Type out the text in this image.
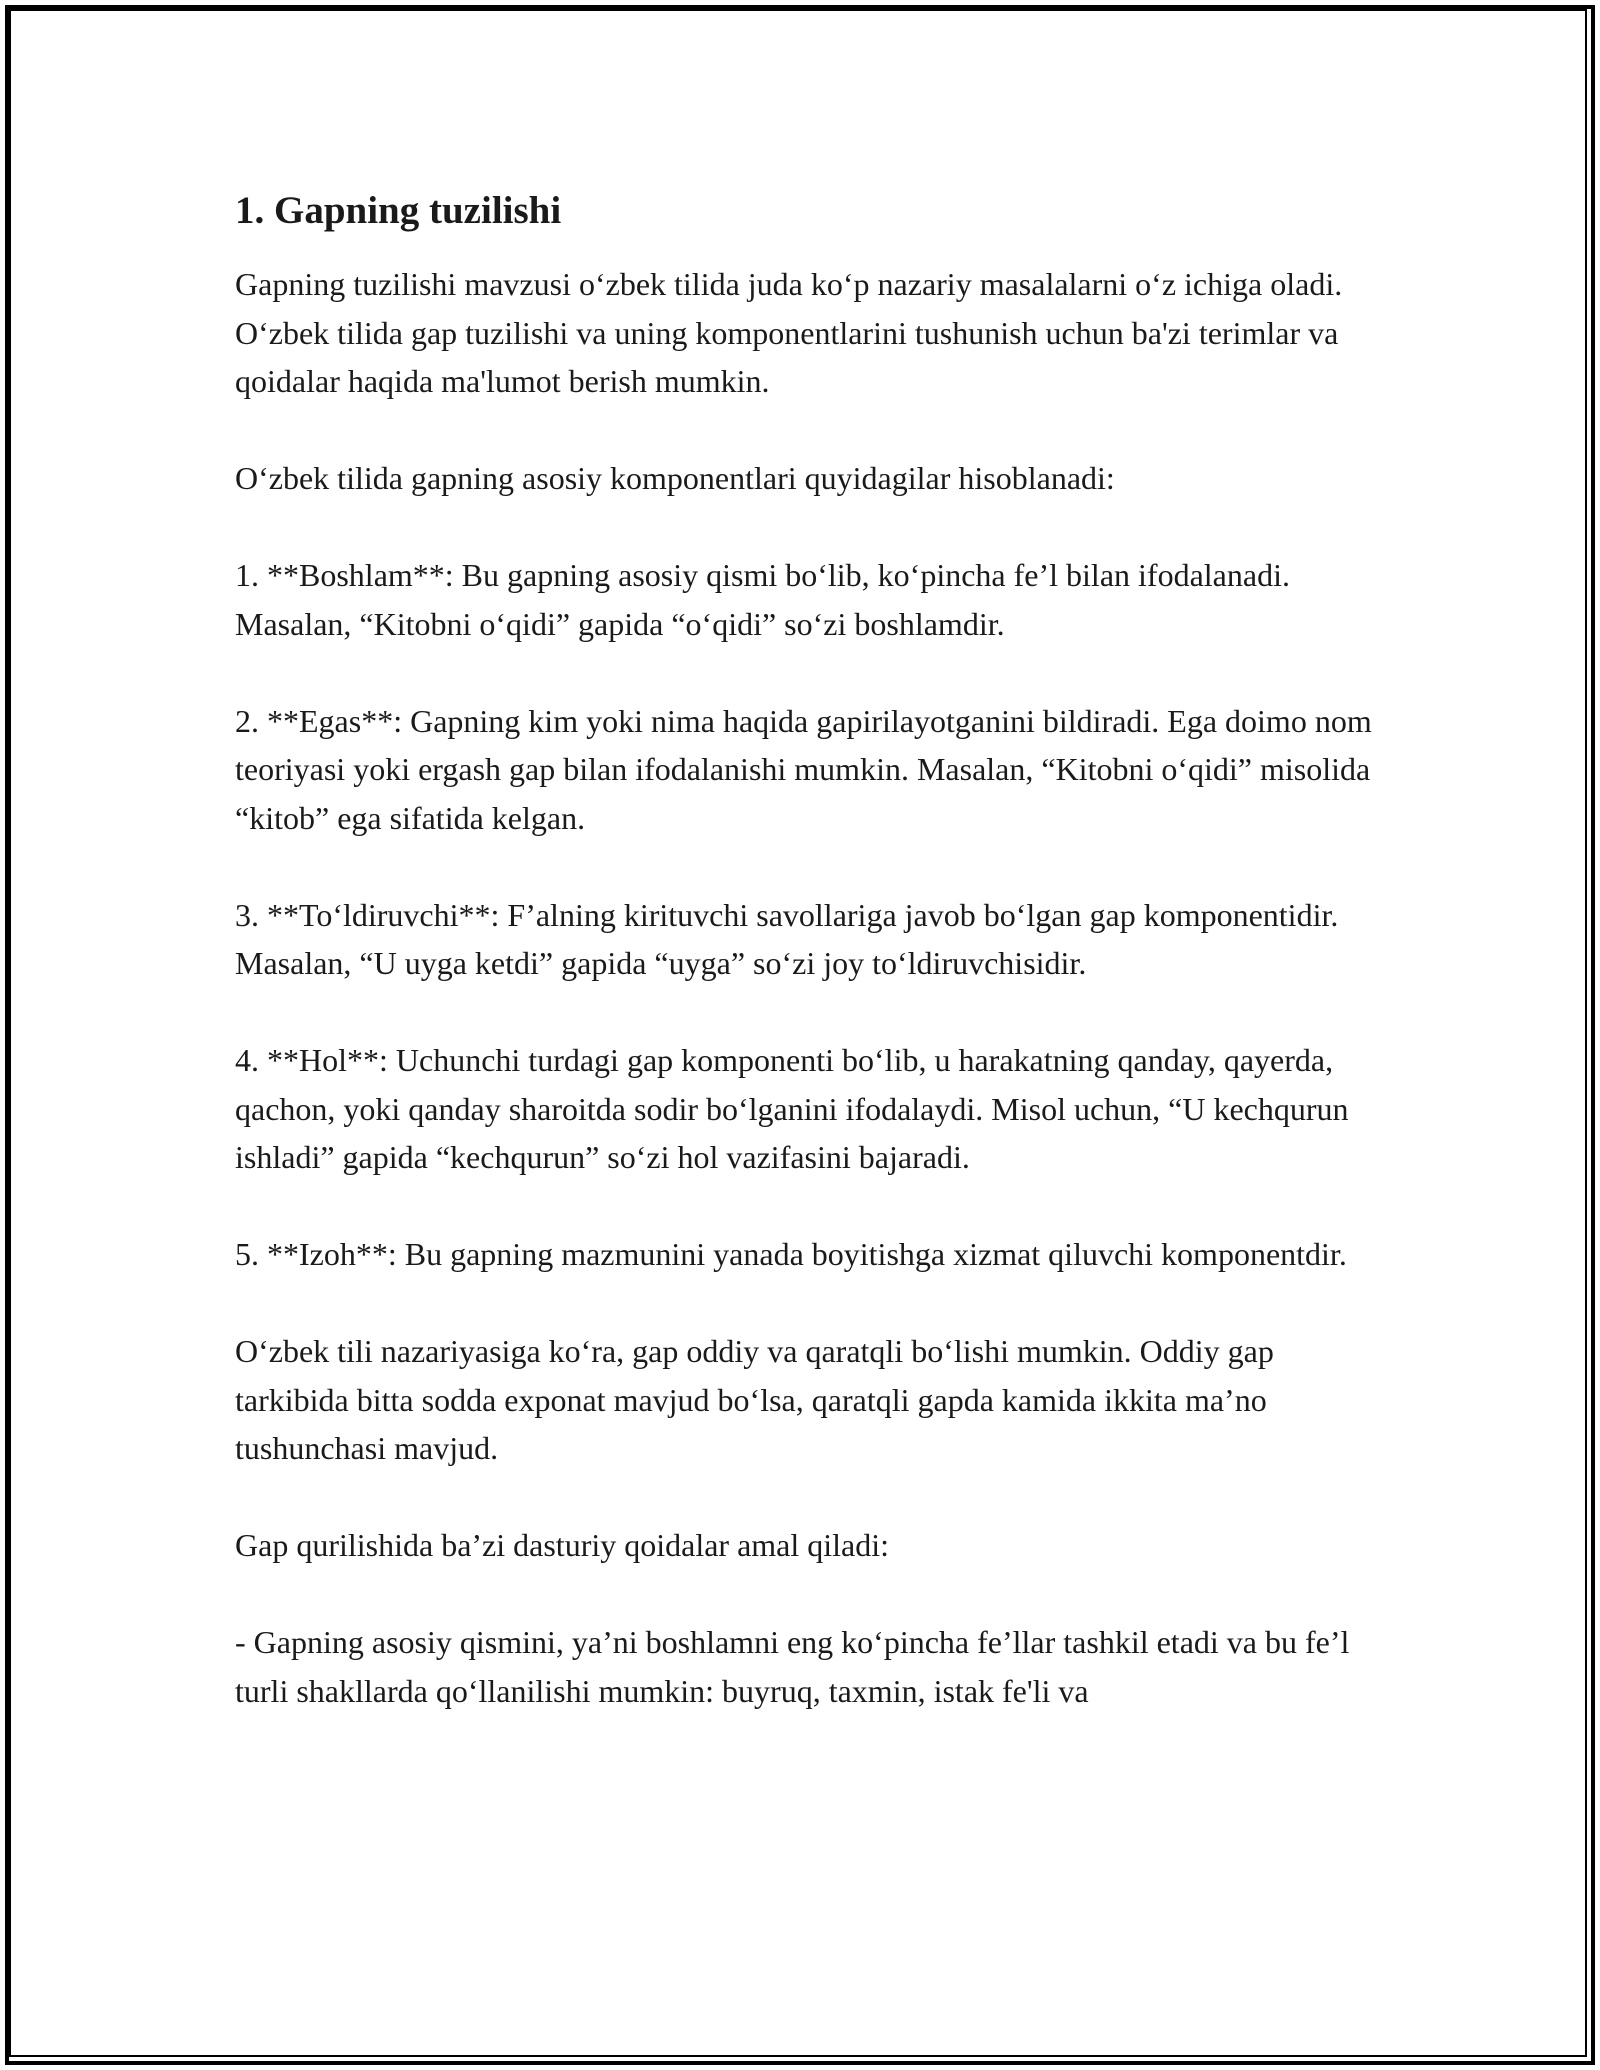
1. Gapning tuzilishi

Gapning tuzilishi mavzusi o‘zbek tilida juda ko‘p nazariy masalalarni o‘z ichiga oladi. O‘zbek tilida gap tuzilishi va uning komponentlarini tushunish uchun ba'zi terimlar va qoidalar haqida ma'lumot berish mumkin.

O‘zbek tilida gapning asosiy komponentlari quyidagilar hisoblanadi:

1. **Boshlam**: Bu gapning asosiy qismi bo‘lib, ko‘pincha fe’l bilan ifodalanadi. Masalan, “Kitobni o‘qidi” gapida “o‘qidi” so‘zi boshlamdir.

2. **Egas**: Gapning kim yoki nima haqida gapirilayotganini bildiradi. Ega doimo nom teoriyasi yoki ergash gap bilan ifodalanishi mumkin. Masalan, “Kitobni o‘qidi” misolida “kitob” ega sifatida kelgan.

3. **To‘ldiruvchi**: F’alning kirituvchi savollariga javob bo‘lgan gap komponentidir. Masalan, “U uyga ketdi” gapida “uyga” so‘zi joy to‘ldiruvchisidir.

4. **Hol**: Uchunchi turdagi gap komponenti bo‘lib, u harakatning qanday, qayerda, qachon, yoki qanday sharoitda sodir bo‘lganini ifodalaydi. Misol uchun, “U kechqurun ishladi” gapida “kechqurun” so‘zi hol vazifasini bajaradi.

5. **Izoh**: Bu gapning mazmunini yanada boyitishga xizmat qiluvchi komponentdir.

O‘zbek tili nazariyasiga ko‘ra, gap oddiy va qaratqli bo‘lishi mumkin. Oddiy gap tarkibida bitta sodda exponat mavjud bo‘lsa, qaratqli gapda kamida ikkita ma’no tushunchasi mavjud.

Gap qurilishida ba’zi dasturiy qoidalar amal qiladi:

- Gapning asosiy qismini, ya’ni boshlamni eng ko‘pincha fe’llar tashkil etadi va bu fe’l turli shakllarda qo‘llanilishi mumkin: buyruq, taxmin, istak fe'li va
